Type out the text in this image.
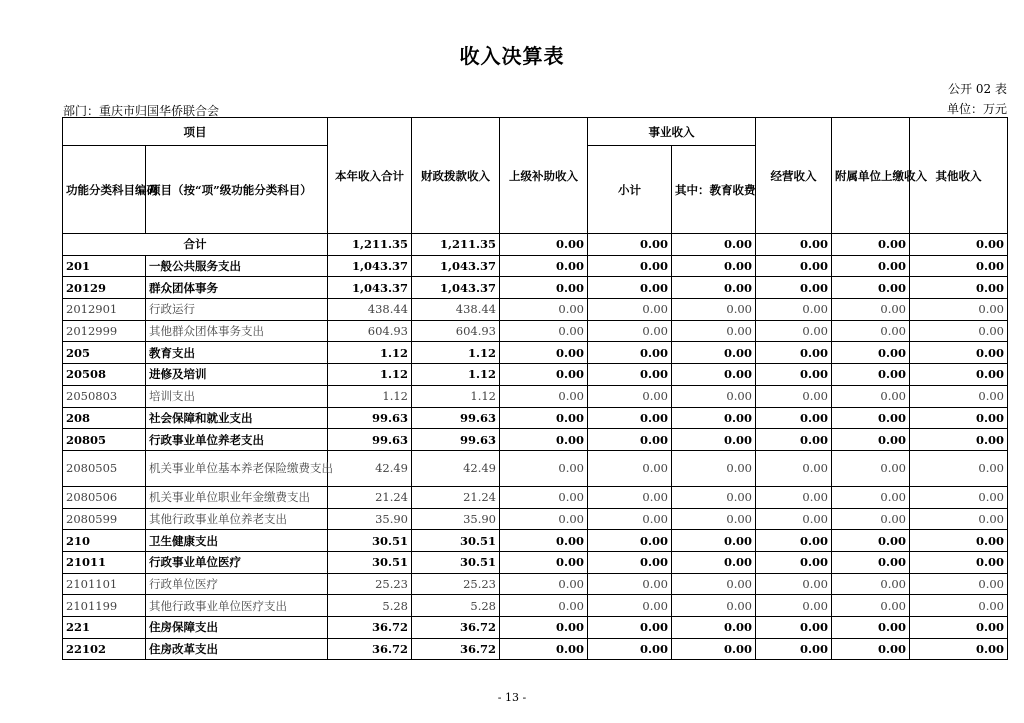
收入决算表
公开 02 表
部门：重庆市归国华侨联合会	单位：万元
项目		本年收入合计	财政拨款收入	上级补助收入	事业收入		经营收入	附属单位上缴收入	其他收入
功能分类科目编码	项目（按“项”级功能分类科目）				小计	其中：教育收费			
合计		1,211.35	1,211.35	0.00	0.00	0.00	0.00	0.00	0.00
201	一般公共服务支出	1,043.37	1,043.37	0.00	0.00	0.00	0.00	0.00	0.00
20129	群众团体事务	1,043.37	1,043.37	0.00	0.00	0.00	0.00	0.00	0.00
2012901	行政运行	438.44	438.44	0.00	0.00	0.00	0.00	0.00	0.00
2012999	其他群众团体事务支出	604.93	604.93	0.00	0.00	0.00	0.00	0.00	0.00
205	教育支出	1.12	1.12	0.00	0.00	0.00	0.00	0.00	0.00
20508	进修及培训	1.12	1.12	0.00	0.00	0.00	0.00	0.00	0.00
2050803	培训支出	1.12	1.12	0.00	0.00	0.00	0.00	0.00	0.00
208	社会保障和就业支出	99.63	99.63	0.00	0.00	0.00	0.00	0.00	0.00
20805	行政事业单位养老支出	99.63	99.63	0.00	0.00	0.00	0.00	0.00	0.00
2080505	机关事业单位基本养老保险缴费支出	42.49	42.49	0.00	0.00	0.00	0.00	0.00	0.00
2080506	机关事业单位职业年金缴费支出	21.24	21.24	0.00	0.00	0.00	0.00	0.00	0.00
2080599	其他行政事业单位养老支出	35.90	35.90	0.00	0.00	0.00	0.00	0.00	0.00
210	卫生健康支出	30.51	30.51	0.00	0.00	0.00	0.00	0.00	0.00
21011	行政事业单位医疗	30.51	30.51	0.00	0.00	0.00	0.00	0.00	0.00
2101101	行政单位医疗	25.23	25.23	0.00	0.00	0.00	0.00	0.00	0.00
2101199	其他行政事业单位医疗支出	5.28	5.28	0.00	0.00	0.00	0.00	0.00	0.00
221	住房保障支出	36.72	36.72	0.00	0.00	0.00	0.00	0.00	0.00
22102	住房改革支出	36.72	36.72	0.00	0.00	0.00	0.00	0.00	0.00
- 13 -
